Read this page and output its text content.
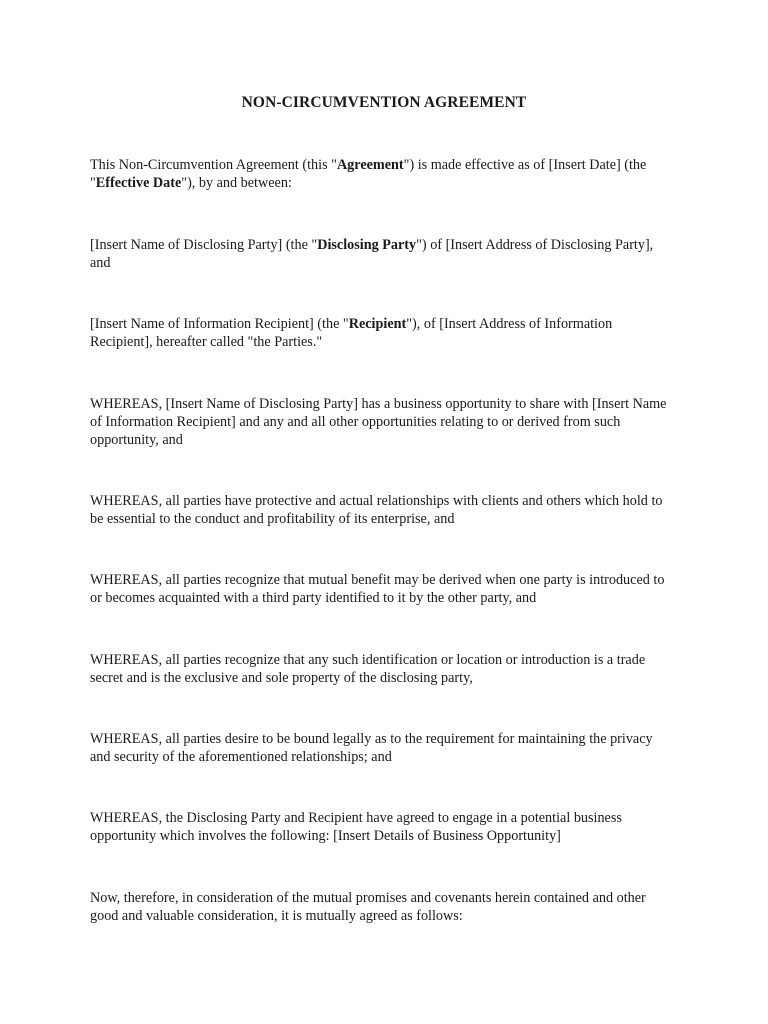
NON-CIRCUMVENTION AGREEMENT

This Non-Circumvention Agreement (this "Agreement") is made effective as of [Insert Date] (the "Effective Date"), by and between:

[Insert Name of Disclosing Party] (the "Disclosing Party") of [Insert Address of Disclosing Party], and

[Insert Name of Information Recipient] (the "Recipient"), of [Insert Address of Information Recipient], hereafter called "the Parties."

WHEREAS, [Insert Name of Disclosing Party] has a business opportunity to share with [Insert Name of Information Recipient] and any and all other opportunities relating to or derived from such opportunity, and

WHEREAS, all parties have protective and actual relationships with clients and others which hold to be essential to the conduct and profitability of its enterprise, and

WHEREAS, all parties recognize that mutual benefit may be derived when one party is introduced to or becomes acquainted with a third party identified to it by the other party, and

WHEREAS, all parties recognize that any such identification or location or introduction is a trade secret and is the exclusive and sole property of the disclosing party,

WHEREAS, all parties desire to be bound legally as to the requirement for maintaining the privacy and security of the aforementioned relationships; and

WHEREAS, the Disclosing Party and Recipient have agreed to engage in a potential business opportunity which involves the following: [Insert Details of Business Opportunity]

Now, therefore, in consideration of the mutual promises and covenants herein contained and other good and valuable consideration, it is mutually agreed as follows:
